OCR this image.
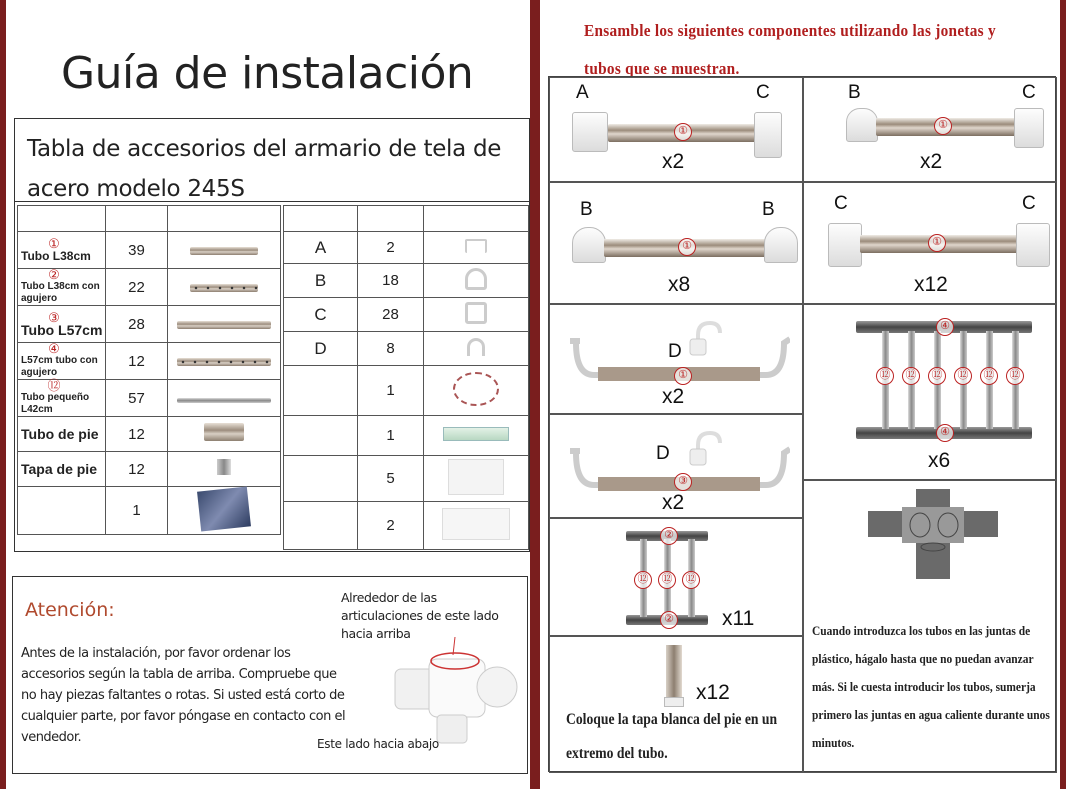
Guía de instalación
Tabla de accesorios del armario de tela de acero modelo 245S

①
Tubo L38cm	39	

②
Tubo L38cm con agujero	22	

③
Tubo L57cm	28	

④
L57cm tubo con agujero	12	

⑫
Tubo pequeño L42cm	57	
Tubo de pie	12	
Tapa de pie	12	
	1	

A	2	
B	18	
C	28	
D	8	
	1	
	1	
	5	
	2	
Atención:
Antes de la instalación, por favor ordenar los accesorios según la tabla de arriba. Compruebe que no hay piezas faltantes o rotas. Si usted está corto de cualquier parte, por favor póngase en contacto con el vendedor.
Alrededor de las articulaciones de este lado hacia arriba
Este lado hacia abajo
Ensamble los siguientes componentes utilizando las jonetas y tubos que se muestran.
A	C
①
x2
B	C
①
x2
B	B
①
x8
C	C
①
x12
D
①
x2
④
④
⑫	⑫	⑫	⑫	⑫	⑫
x6
D
③
x2
Cuando introduzca los tubos en las juntas de plástico, hágalo hasta que no puedan avanzar más. Si le cuesta introducir los tubos, sumerja primero las juntas en agua caliente durante unos minutos.
②
②
⑫	⑫	⑫
x11
x12
Coloque la tapa blanca del pie en un extremo del tubo.
